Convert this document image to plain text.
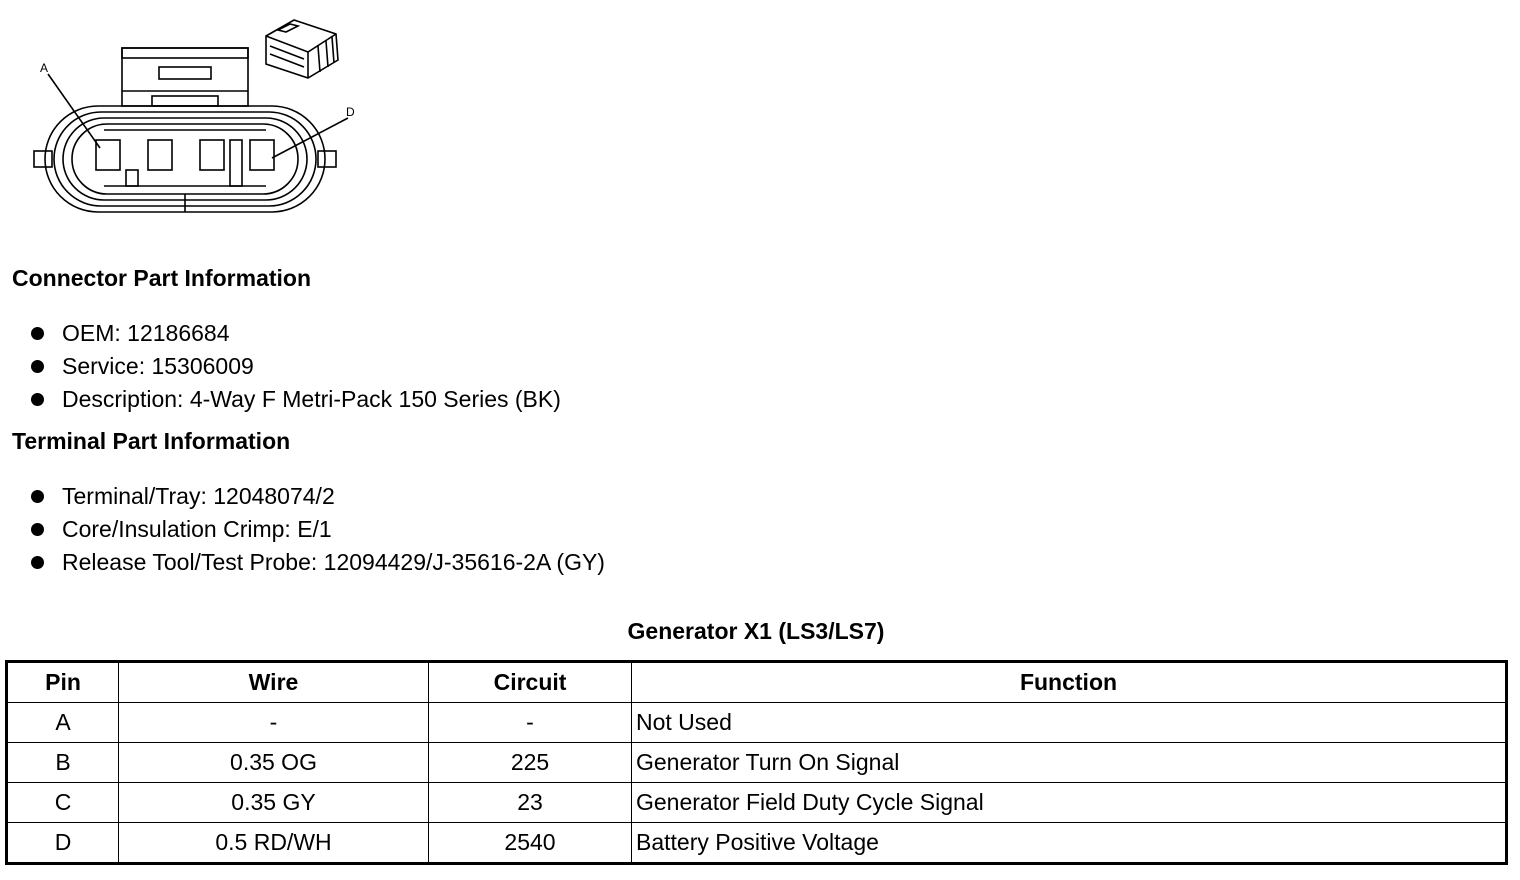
A
D
Connector Part Information
OEM: 12186684
Service: 15306009
Description: 4-Way F Metri-Pack 150 Series (BK)
Terminal Part Information
Terminal/Tray: 12048074/2
Core/Insulation Crimp: E/1
Release Tool/Test Probe: 12094429/J-35616-2A (GY)
Generator X1 (LS3/LS7)
Pin	Wire	Circuit	Function
A	-	-	Not Used
B	0.35 OG	225	Generator Turn On Signal
C	0.35 GY	23	Generator Field Duty Cycle Signal
D	0.5 RD/WH	2540	Battery Positive Voltage
